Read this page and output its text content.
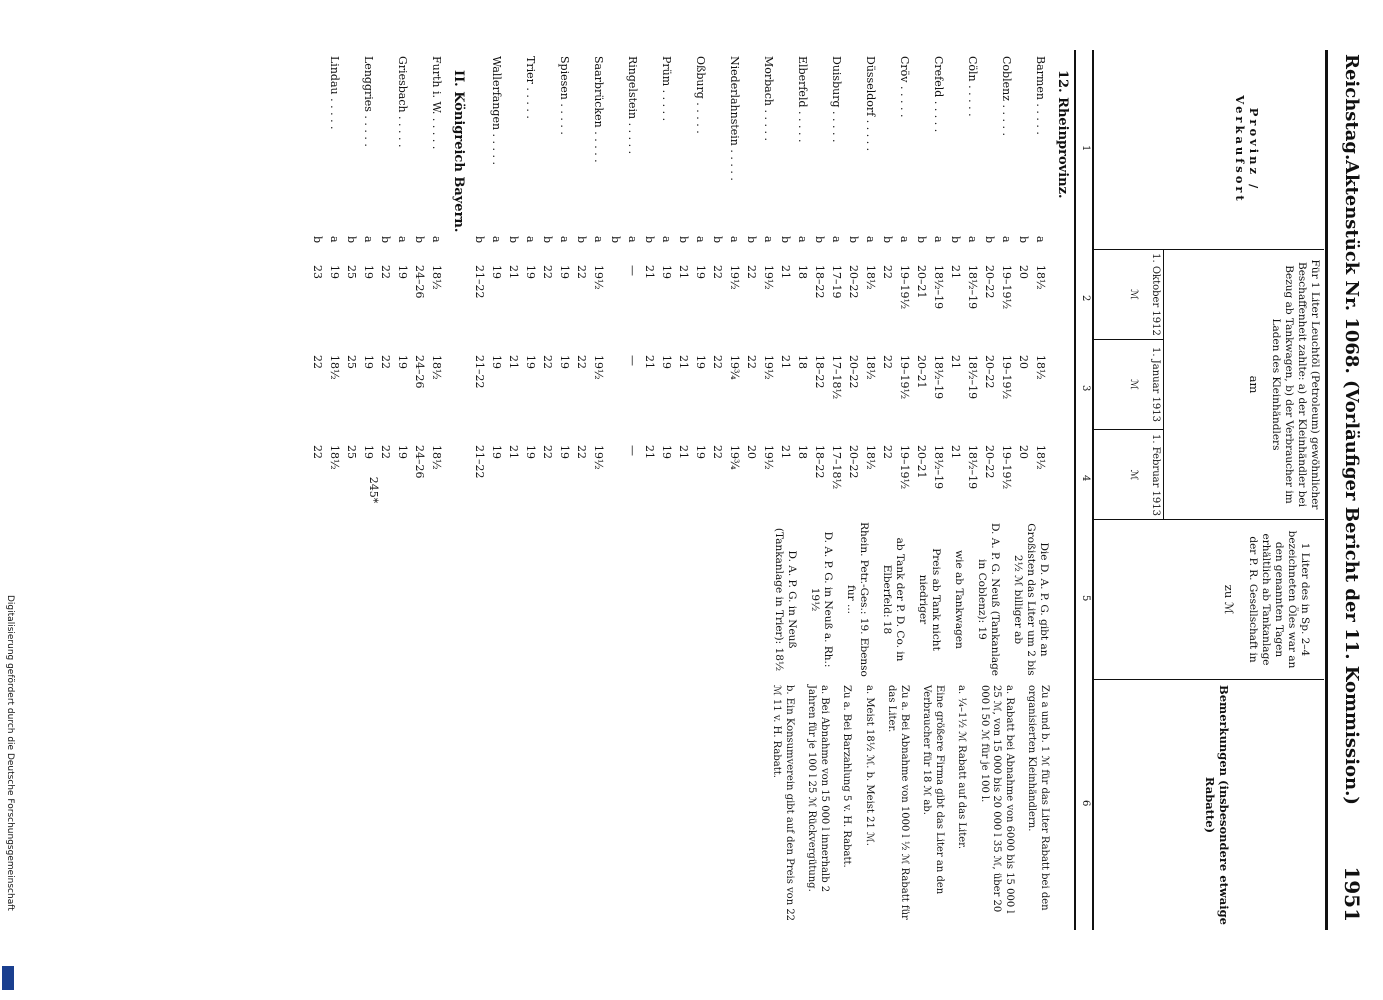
Reichstag.
Aktenstück Nr. 1068. (Vorläufiger Bericht der 11. Kommission.)
1951
Provinz / Verkaufsort
Für 1 Liter Leuchtöl (Petroleum) gewöhnlicher Beschaffenheit zahlte: a) der Kleinhändler bei Bezug ab Tankwagen, b) der Verbraucher im Laden des Kleinhändlers
am
1. Oktober 1912

ℳ
1. Januar 1913

ℳ
1. Februar 1913

ℳ
1 Liter des in Sp. 2–4 bezeichneten Öles war an den genannten Tagen erhältlich ab Tankanlage der P. R. Gesellschaft in
zu ℳ
Bemerkungen (insbesondere etwaige Rabatte)
1
2
3
4
5
6
12. Rheinprovinz.
Barmen . . . . .
a
18½
18½
18½
b
20
20
20
Coblenz . . . . .
a
19–19½
19–19½
19–19½
b
20–22
20–22
20–22
Cöln . . . . .
a
18½–19
18½–19
18½–19
b
21
21
21
Crefeld . . . . .
a
18½–19
18½–19
18½–19
b
20–21
20–21
20–21
Cröv . . . . .
a
19–19½
19–19½
19–19½
b
22
22
22
Düsseldorf . . . . .
a
18½
18½
18½
b
20–22
20–22
20–22
Duisburg . . . . .
a
17–19
17–18½
17–18½
b
18–22
18–22
18–22
Elberfeld . . . . .
a
18
18
18
b
21
21
21
Morbach . . . . .
a
19½
19½
19½
b
22
22
20
Niederlahnstein . . . . .
a
19½
19¾
19¾
b
22
22
22
Oßburg . . . . .
a
19
19
19
b
21
21
21
Prüm . . . . .
a
19
19
19
b
21
21
21
Ringelstein . . . . .
a
—
—
—
b
Saarbrücken . . . . .
a
19½
19½
19½
b
22
22
22
Spiesen . . . . .
a
19
19
19
b
22
22
22
Trier . . . . .
a
19
19
19
b
21
21
21
Wallerfangen . . . . .
a
19
19
19
b
21–22
21–22
21–22
II. Königreich Bayern.
Furth i. W. . . . . .
a
18½
18½
18½
b
24–26
24–26
24–26
Griesbach . . . . .
a
19
19
19
b
22
22
22
Lenggries . . . . .
a
19
19
19
b
25
25
25
Lindau . . . . .
a
19
18½
18½
b
23
22
22
Die D. A. P. G. gibt an Großisten das Liter um 2 bis 2½ ℳ billiger ab
D. A. P. G. Neuß (Tankanlage in Coblenz): 19
wie ab Tankwagen
Preis ab Tank nicht niedriger
ab Tank der P. D. Co. in Elberfeld: 18
Rhein. Petr.-Ges.: 19. Ebenso fur ...
D. A. P. G. in Neuß a. Rh.: 19½
D. A. P. G. in Neuß (Tankanlage in Trier): 18½
Zu a und b. 1 ℳ für das Liter Rabatt bei den organisierten Kleinhändlern.
a. Rabatt bei Abnahme von 6000 bis 15 000 l 25 ℳ, von 15 000 bis 20 000 l 35 ℳ, über 20 000 l 50 ℳ für je 100 l.
a. ¼–1½ ℳ Rabatt auf das Liter.
Eine größere Firma gibt das Liter an den Verbraucher für 18 ℳ ab.
Zu a. Bei Abnahme von 1000 l ½ ℳ Rabatt für das Liter.
a. Meist 18½ ℳ. b. Meist 21 ℳ.
Zu a. Bei Barzahlung 5 v. H. Rabatt.
a. Bei Abnahme von 15 000 l innerhalb 2 Jahren für je 100 l 25 ℳ Rückvergütung.
b. Ein Konsumverein gibt auf den Preis von 22 ℳ 11 v. H. Rabatt.
245*
Digitalisierung gefördert durch die Deutsche Forschungsgemeinschaft
